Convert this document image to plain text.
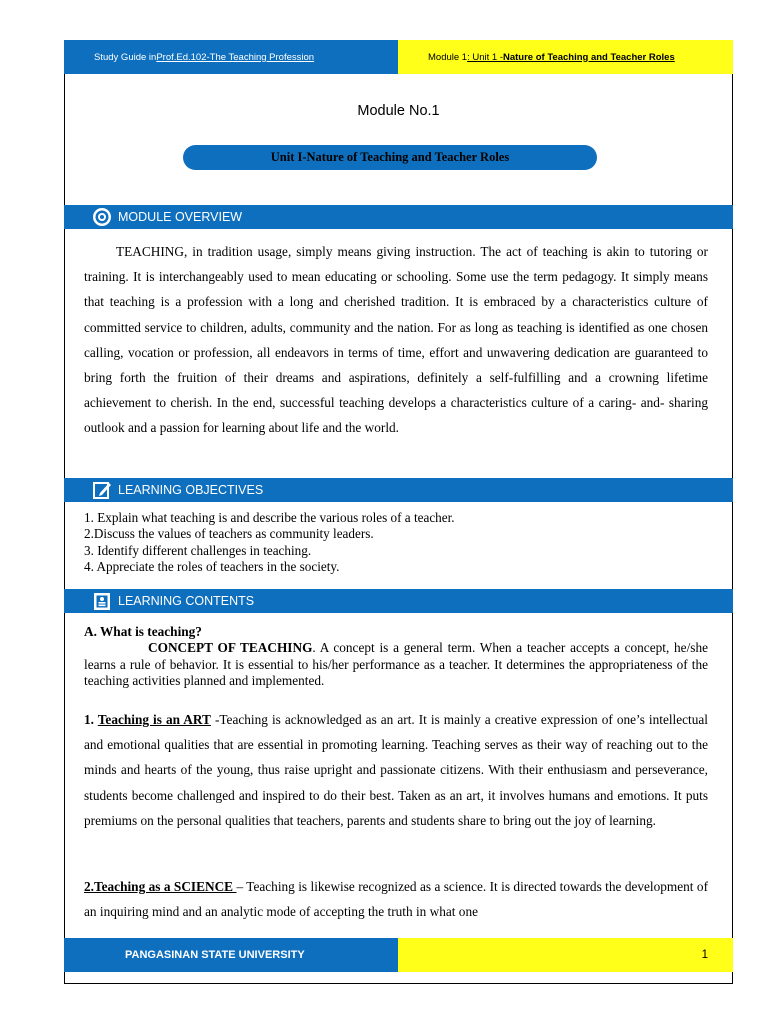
Study Guide in Prof.Ed.102-The Teaching Profession	Module 1 : Unit 1 - Nature of Teaching and Teacher Roles
Module No.1
Unit I-Nature of Teaching and Teacher Roles
MODULE OVERVIEW
TEACHING, in tradition usage, simply means giving instruction. The act of teaching is akin to tutoring or training. It is interchangeably used to mean educating or schooling. Some use the term pedagogy. It simply means that teaching is a profession with a long and cherished tradition. It is embraced by a characteristics culture of committed service to children, adults, community and the nation. For as long as teaching is identified as one chosen calling, vocation or profession, all endeavors in terms of time, effort and unwavering dedication are guaranteed to bring forth the fruition of their dreams and aspirations, definitely a self-fulfilling and a crowning lifetime achievement to cherish. In the end, successful teaching develops a characteristics culture of a caring- and- sharing outlook and a passion for learning about life and the world.
LEARNING OBJECTIVES
1. Explain what teaching is and describe the various roles of a teacher.
2.Discuss the values of teachers as community leaders.
3. Identify different challenges in teaching.
4. Appreciate the roles of teachers in the society.
LEARNING CONTENTS
A. What is teaching?
CONCEPT OF TEACHING. A concept is a general term. When a teacher accepts a concept, he/she learns a rule of behavior. It is essential to his/her performance as a teacher. It determines the appropriateness of the teaching activities planned and implemented.
1. Teaching is an ART -Teaching is acknowledged as an art. It is mainly a creative expression of one’s intellectual and emotional qualities that are essential in promoting learning. Teaching serves as their way of reaching out to the minds and hearts of the young, thus raise upright and passionate citizens. With their enthusiasm and perseverance, students become challenged and inspired to do their best. Taken as an art, it involves humans and emotions. It puts premiums on the personal qualities that teachers, parents and students share to bring out the joy of learning.
2.Teaching as a SCIENCE – Teaching is likewise recognized as a science. It is directed towards the development of an inquiring mind and an analytic mode of accepting the truth in what one
PANGASINAN STATE UNIVERSITY	1
